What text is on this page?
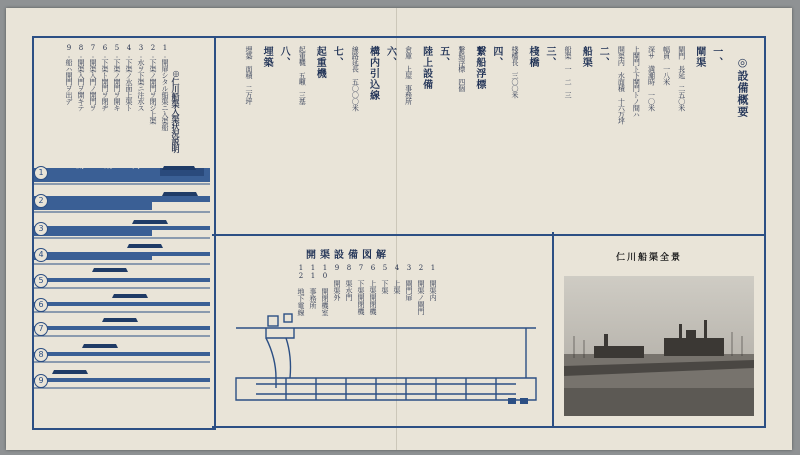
◎仁川船渠入渠状況説明
1.開扉シタル船渠ニ入渠船
2.下渠ノ開門ヲ閉ジ上渠
3.水ヲ下渠ニ注水ス
4.下渠ノ水面上渠ト
5.下渠ノ開門ヲ開キ
6.下渠ト開門ヲ閉ヂ
7.開渠入門ノ開門ヲ
8.開渠入門ヲ開キテ
9.船ハ開門ヲ出デ
開　渠　内
1
2
3
4
5
6
7
8
9
◎設備概要
一、
閘渠
閘門　長延　二五〇米
幅員　一八米
深サ　満潮時　一〇米
上閘門ト下閘門トノ間ハ
開渠内　水面積　十六万坪
二、
船渠
船渠　一　二　三
三、
棧橋
棧橋長　三〇〇米
四、
繋船浮標
繋船浮標　四個
五、
陸上設備
倉庫　上屋　事務所
六、
構内引込線
線路延長　五〇〇〇米
七、
起重機
起重機　五噸　三基
八、
埋築
埋築　面積　二万坪
開渠設備図解
1 開渠内
2 開渠ノ閘門
3 閘門扉
4 上渠
5 下渠
6 上渠開閉機
7 下渠開閉機
8 渠水門
9 開渠外
10 開閉機室
11 事務所
12 地下電線
仁川船渠全景
